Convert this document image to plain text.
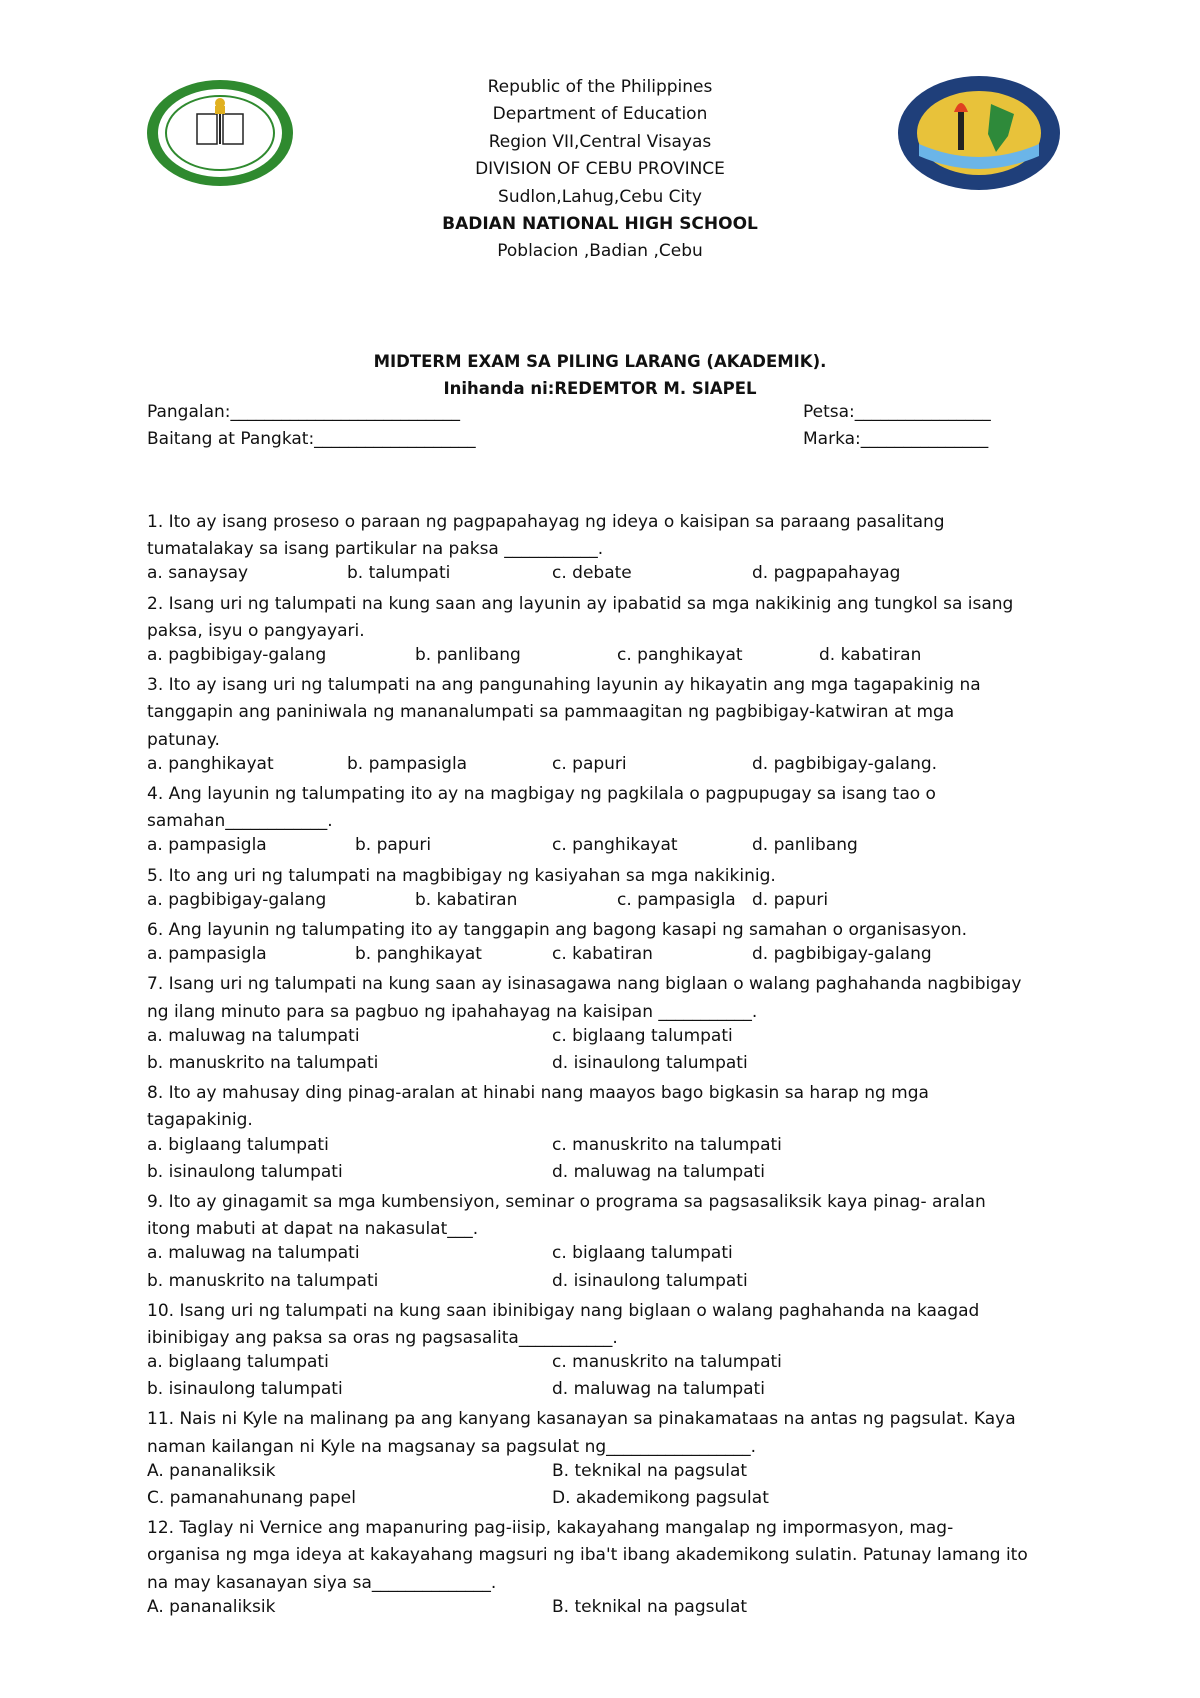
Republic of the Philippines
Department of Education
Region VII,Central Visayas
DIVISION OF CEBU PROVINCE
Sudlon,Lahug,Cebu City
BADIAN NATIONAL HIGH SCHOOL
Poblacion ,Badian ,Cebu
MIDTERM EXAM SA PILING LARANG (AKADEMIK).
Inihanda ni:REDEMTOR M. SIAPEL
Pangalan:___________________________	Petsa:________________
Baitang at Pangkat:___________________	Marka:_______________
1. Ito ay isang proseso o paraan ng pagpapahayag ng ideya o kaisipan sa paraang pasalitang
tumatalakay sa isang partikular na paksa ___________.
a. sanaysay	b. talumpati	c. debate	d. pagpapahayag
2. Isang uri ng talumpati na kung saan ang layunin ay ipabatid sa mga nakikinig ang tungkol sa isang
paksa, isyu o pangyayari.
a. pagbibigay-galang	b. panlibang	c. panghikayat	d. kabatiran
3. Ito ay isang uri ng talumpati na ang pangunahing layunin ay hikayatin ang mga tagapakinig na
tanggapin ang paniniwala ng mananalumpati sa pammaagitan ng pagbibigay-katwiran at mga
patunay.
a. panghikayat	b. pampasigla	c. papuri	d. pagbibigay-galang.
4. Ang layunin ng talumpating ito ay na magbigay ng pagkilala o pagpupugay sa isang tao o
samahan____________.
a. pampasigla	b. papuri	c. panghikayat	d. panlibang
5. Ito ang uri ng talumpati na magbibigay ng kasiyahan sa mga nakikinig.
a. pagbibigay-galang	b. kabatiran	c. pampasigla d. papuri
6. Ang layunin ng talumpating ito ay tanggapin ang bagong kasapi ng samahan o organisasyon.
a. pampasigla	b. panghikayat	c. kabatiran	d. pagbibigay-galang
7. Isang uri ng talumpati na kung saan ay isinasagawa nang biglaan o walang paghahanda nagbibigay
ng ilang minuto para sa pagbuo ng ipahahayag na kaisipan ___________.
a. maluwag na talumpati	c. biglaang talumpati
b. manuskrito na talumpati	d. isinaulong talumpati
8. Ito ay mahusay ding pinag-aralan at hinabi nang maayos bago bigkasin sa harap ng mga
tagapakinig.
a. biglaang talumpati	c. manuskrito na talumpati
b. isinaulong talumpati	d. maluwag na talumpati
9. Ito ay ginagamit sa mga kumbensiyon, seminar o programa sa pagsasaliksik kaya pinag- aralan
itong mabuti at dapat na nakasulat___.
a. maluwag na talumpati	c. biglaang talumpati
b. manuskrito na talumpati	d. isinaulong talumpati
10. Isang uri ng talumpati na kung saan ibinibigay nang biglaan o walang paghahanda na kaagad
ibinibigay ang paksa sa oras ng pagsasalita___________.
a. biglaang talumpati	c. manuskrito na talumpati
b. isinaulong talumpati	d. maluwag na talumpati
11. Nais ni Kyle na malinang pa ang kanyang kasanayan sa pinakamataas na antas ng pagsulat. Kaya
naman kailangan ni Kyle na magsanay sa pagsulat ng_________________.
A. pananaliksik	B. teknikal na pagsulat
C. pamanahunang papel	D. akademikong pagsulat
12. Taglay ni Vernice ang mapanuring pag-iisip, kakayahang mangalap ng impormasyon, mag-
organisa ng mga ideya at kakayahang magsuri ng iba't ibang akademikong sulatin. Patunay lamang ito
na may kasanayan siya sa______________.
A. pananaliksik	B. teknikal na pagsulat
